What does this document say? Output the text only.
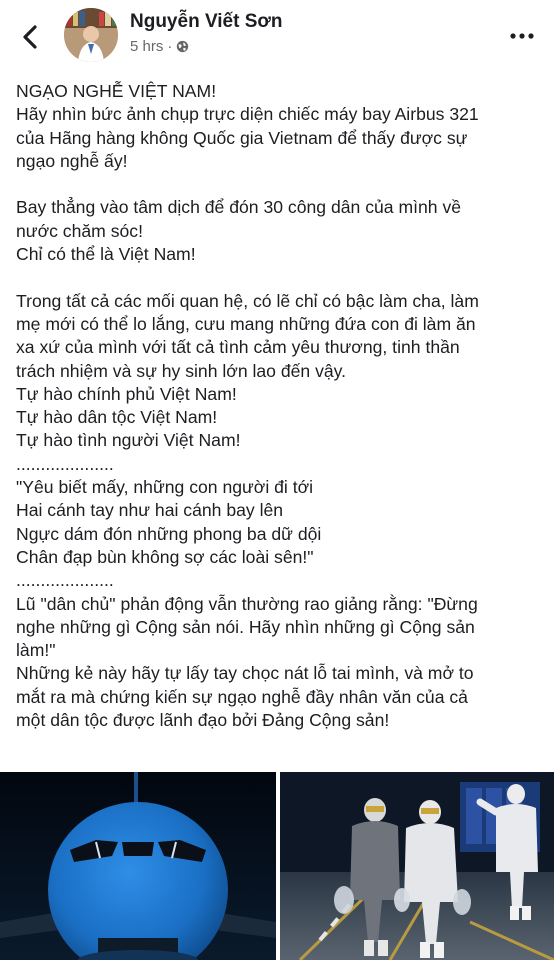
Nguyễn Viết Sơn
5 hrs ·

NGẠO NGHỄ VIỆT NAM!

Hãy nhìn bức ảnh chụp trực diện chiếc máy bay Airbus 321

của Hãng hàng không Quốc gia Vietnam để thấy được sự

ngạo nghễ ấy!

Bay thẳng vào tâm dịch để đón 30 công dân của mình về

nước chăm sóc!

Chỉ có thể là Việt Nam!

Trong tất cả các mối quan hệ, có lẽ chỉ có bậc làm cha, làm

mẹ mới có thể lo lắng, cưu mang những đứa con đi làm ăn

xa xứ của mình với tất cả tình cảm yêu thương, tinh thần

trách nhiệm và sự hy sinh lớn lao đến vậy.

Tự hào chính phủ Việt Nam!

Tự hào dân tộc Việt Nam!

Tự hào tình người Việt Nam!

....................

"Yêu biết mấy, những con người đi tới

Hai cánh tay như hai cánh bay lên

Ngực dám đón những phong ba dữ dội

Chân đạp bùn không sợ các loài sên!"

....................

Lũ "dân chủ" phản động vẫn thường rao giảng rằng: "Đừng

nghe những gì Cộng sản nói. Hãy nhìn những gì Cộng sản

làm!"

Những kẻ này hãy tự lấy tay chọc nát lỗ tai mình, và mở to

mắt ra mà chứng kiến sự ngạo nghễ đầy nhân văn của cả

một dân tộc được lãnh đạo bởi Đảng Cộng sản!
